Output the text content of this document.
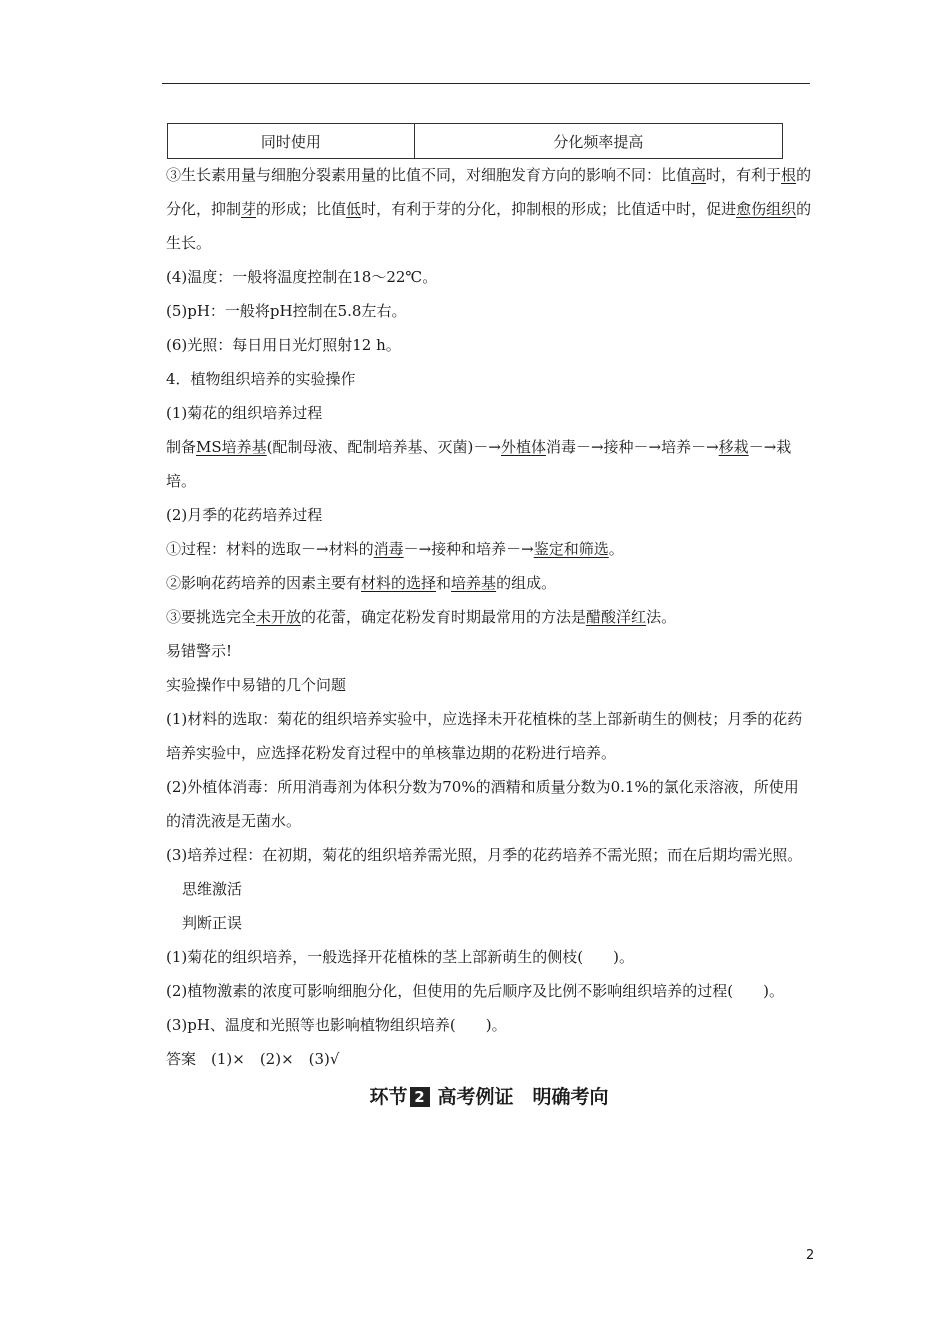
同时使用	分化频率提高

③生长素用量与细胞分裂素用量的比值不同，对细胞发育方向的影响不同：比值高时，有利于根的分化，抑制芽的形成；比值低时，有利于芽的分化，抑制根的形成；比值适中时，促进愈伤组织的生长。

(4)温度：一般将温度控制在18～22℃。

(5)pH：一般将pH控制在5.8左右。

(6)光照：每日用日光灯照射12 h。

4．植物组织培养的实验操作

(1)菊花的组织培养过程

制备MS培养基(配制母液、配制培养基、灭菌)－→外植体消毒－→接种－→培养－→移栽－→栽培。

(2)月季的花药培养过程

①过程：材料的选取－→材料的消毒－→接种和培养－→鉴定和筛选。

②影响花药培养的因素主要有材料的选择和培养基的组成。

③要挑选完全未开放的花蕾，确定花粉发育时期最常用的方法是醋酸洋红法。

易错警示!

实验操作中易错的几个问题

(1)材料的选取：菊花的组织培养实验中，应选择未开花植株的茎上部新萌生的侧枝；月季的花药培养实验中，应选择花粉发育过程中的单核靠边期的花粉进行培养。

(2)外植体消毒：所用消毒剂为体积分数为70%的酒精和质量分数为0.1%的氯化汞溶液，所使用的清洗液是无菌水。

(3)培养过程：在初期，菊花的组织培养需光照，月季的花药培养不需光照；而在后期均需光照。

思维激活

判断正误

(1)菊花的组织培养，一般选择开花植株的茎上部新萌生的侧枝(　　)。

(2)植物激素的浓度可影响细胞分化，但使用的先后顺序及比例不影响组织培养的过程(　　)。

(3)pH、温度和光照等也影响植物组织培养(　　)。

答案　(1)×　(2)×　(3)√

环节 2 高考例证　明确考向

2
